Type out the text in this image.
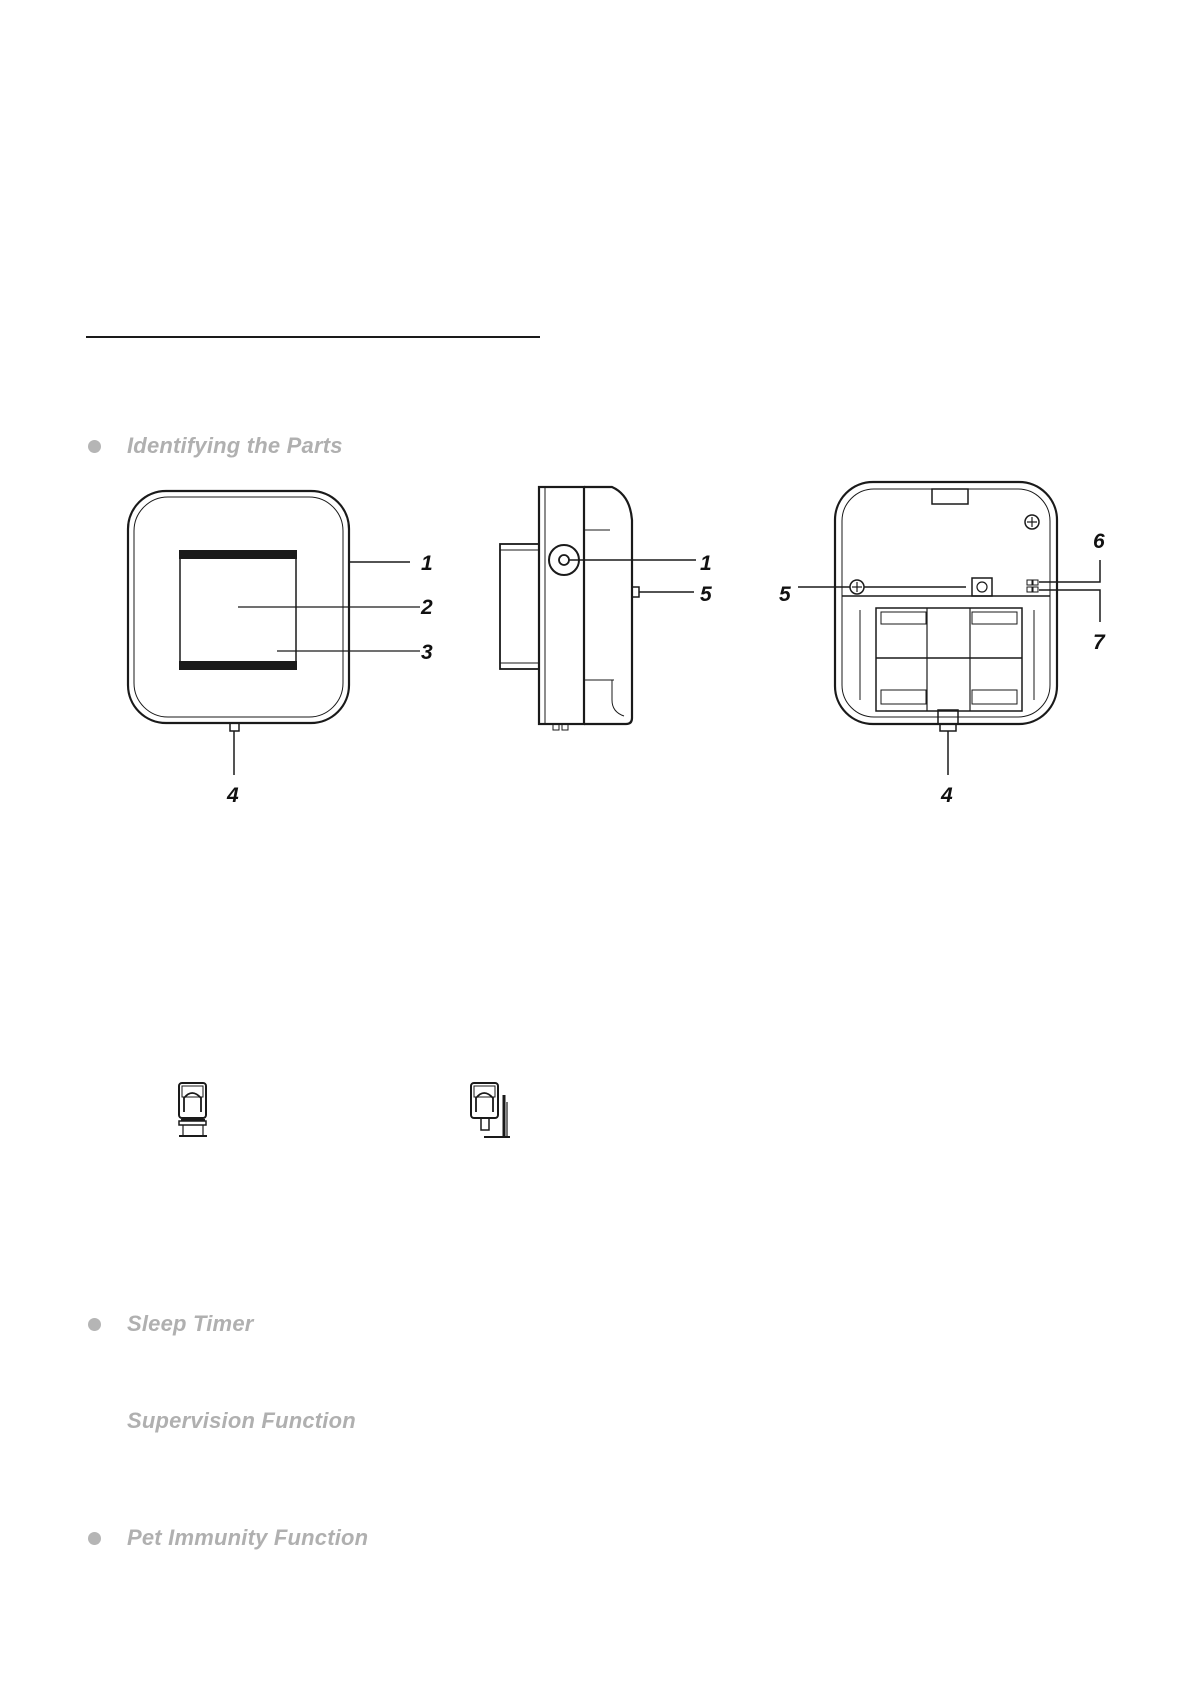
Identifying the Parts
1
2
3
4
1
5	5
6
7
4
Sleep Timer
Supervision Function
Pet Immunity Function
